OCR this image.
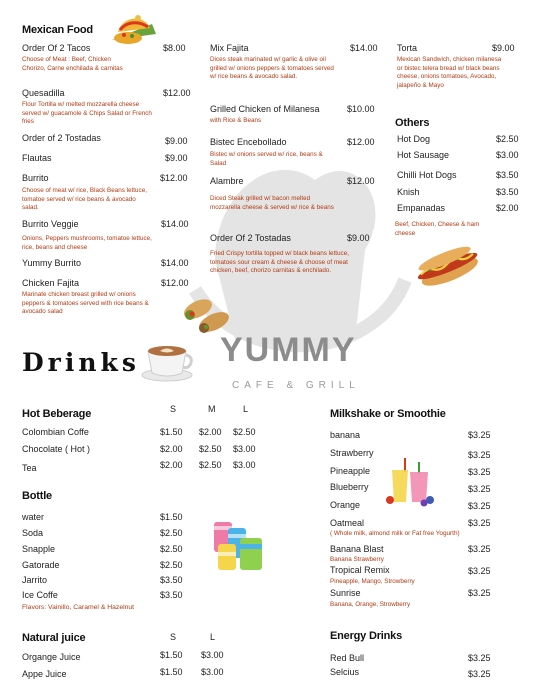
Mexican Food
Order Of 2 Tacos	$8.00
Choose of Meat : Beef, Chicken Chorizo, Carne enchilada & carnitas
Quesadilla	$12.00
Flour Tortilla w/ melted mozzarella cheese served w/ guacamole & Chips Salad or French fries
Order of 2 Tostadas	$9.00
Flautas	$9.00
Burrito	$12.00
Choose of meat w/ rice, Black Beans lettuce, tomatoe served w/ rice beans & avocado salad.
Burrito Veggie	$14.00
Onions, Peppers mushrooms, tomatoe lettuce, rice, beans and cheese
Yummy Burrito	$14.00
Chicken Fajita	$12.00
Marinate chicken breast grilled w/ onions peppers & tomatoes served with rice beans & avocado salad
Mix Fajita	$14.00
Dices steak marinated w/ garlic & olive oil grilled w/ onions peppers & tomatoes served w/ rice beans & avocado salad.
Grilled Chicken of Milanesa	$10.00
with Rice & Beans
Bistec Encebollado	$12.00
Bistec w/ onions served w/ rice, beans & Salad
Alambre	$12.00
Diced Steak grilled w/ bacon melted mozzarella cheese & served w/ rice & beans
Order Of 2 Tostadas	$9.00
Fried Crispy tortilla topped w/ black beans lettuce, tomatoes sour cream & cheese & choose of meat chicken, beef, chorizo carnitas & enchilado.
Torta	$9.00
Mexican Sandwich, chicken milanesa or bistec telera bread w/ black beans cheese, onions tomatoes, Avocado, jalapeño & Mayo
Others
Hot Dog	$2.50
Hot Sausage	$3.00
Chilli Hot Dogs	$3.50
Knish	$3.50
Empanadas	$2.00
Beef, Chicken, Cheese & ham cheese
Drinks YUMMY
CAFE & GRILL
Hot Beberage	S	M	L
Colombian Coffe	$1.50 $2.00 $2.50
Chocolate ( Hot )	$2.00 $2.50 $3.00
Tea	$2.00 $2.50 $3.00
Bottle
water	$1.50
Soda	$2.50
Snapple	$2.50
Gatorade	$2.50
Jarrito	$3.50
Ice Coffe	$3.50
Flavors: Vainillo, Caramel & Hazelnut
Natural juice	S	L
Organge Juice	$1.50 $3.00
Appe Juice	$1.50 $3.00
Milkshake or Smoothie
banana	$3.25
Strawberry	$3.25
Pineapple	$3.25
Blueberry	$3.25
Orange	$3.25
Oatmeal	$3.25
( Whole milk, almond milk or Fat free Yogurth)
Banana Blast	$3.25
Banana Strawberry
Tropical Remix	$3.25
Pineapple, Mango, Strowberry
Sunrise	$3.25
Banana, Orange, Strowberry
Energy Drinks
Red Bull	$3.25
Selcius	$3.25
